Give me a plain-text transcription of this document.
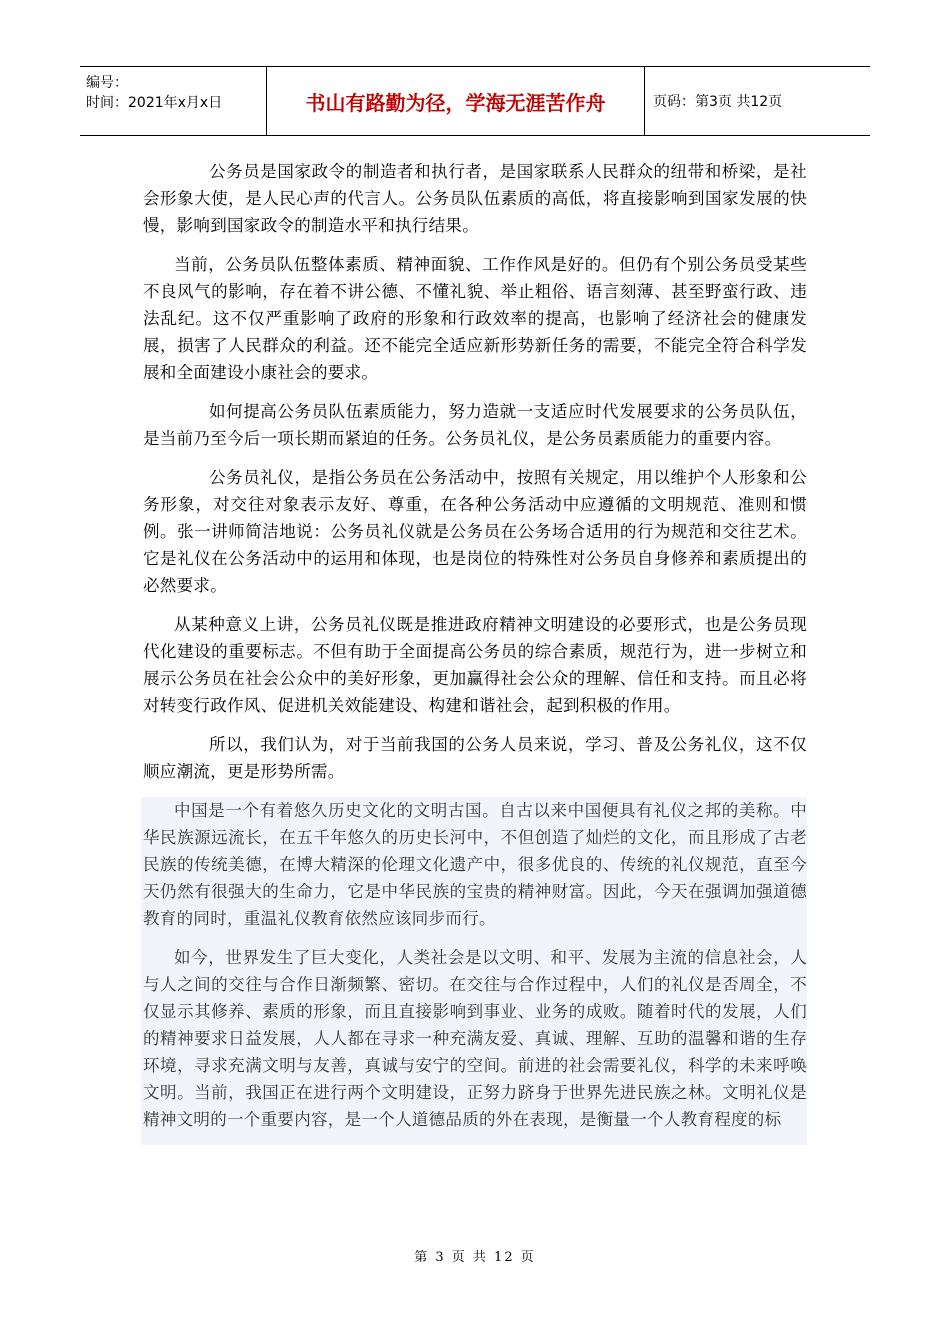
编号：
时间：2021年x月x日	书山有路勤为径，学海无涯苦作舟	页码：第3页 共12页

公务员是国家政令的制造者和执行者，是国家联系人民群众的纽带和桥梁，是社会形象大使，是人民心声的代言人。公务员队伍素质的高低，将直接影响到国家发展的快慢，影响到国家政令的制造水平和执行结果。

当前，公务员队伍整体素质、精神面貌、工作作风是好的。但仍有个别公务员受某些不良风气的影响，存在着不讲公德、不懂礼貌、举止粗俗、语言刻薄、甚至野蛮行政、违法乱纪。这不仅严重影响了政府的形象和行政效率的提高，也影响了经济社会的健康发展，损害了人民群众的利益。还不能完全适应新形势新任务的需要，不能完全符合科学发展和全面建设小康社会的要求。

如何提高公务员队伍素质能力，努力造就一支适应时代发展要求的公务员队伍，是当前乃至今后一项长期而紧迫的任务。公务员礼仪，是公务员素质能力的重要内容。

公务员礼仪，是指公务员在公务活动中，按照有关规定，用以维护个人形象和公务形象，对交往对象表示友好、尊重，在各种公务活动中应遵循的文明规范、准则和惯例。张一讲师简洁地说：公务员礼仪就是公务员在公务场合适用的行为规范和交往艺术。它是礼仪在公务活动中的运用和体现，也是岗位的特殊性对公务员自身修养和素质提出的必然要求。

从某种意义上讲，公务员礼仪既是推进政府精神文明建设的必要形式，也是公务员现代化建设的重要标志。不但有助于全面提高公务员的综合素质，规范行为，进一步树立和展示公务员在社会公众中的美好形象，更加赢得社会公众的理解、信任和支持。而且必将对转变行政作风、促进机关效能建设、构建和谐社会，起到积极的作用。

所以，我们认为，对于当前我国的公务人员来说，学习、普及公务礼仪，这不仅顺应潮流，更是形势所需。

中国是一个有着悠久历史文化的文明古国。自古以来中国便具有礼仪之邦的美称。中华民族源远流长，在五千年悠久的历史长河中，不但创造了灿烂的文化，而且形成了古老民族的传统美德，在博大精深的伦理文化遗产中，很多优良的、传统的礼仪规范，直至今天仍然有很强大的生命力，它是中华民族的宝贵的精神财富。因此，今天在强调加强道德教育的同时，重温礼仪教育依然应该同步而行。

如今，世界发生了巨大变化，人类社会是以文明、和平、发展为主流的信息社会，人与人之间的交往与合作日渐频繁、密切。在交往与合作过程中，人们的礼仪是否周全，不仅显示其修养、素质的形象，而且直接影响到事业、业务的成败。随着时代的发展，人们的精神要求日益发展，人人都在寻求一种充满友爱、真诚、理解、互助的温馨和谐的生存环境，寻求充满文明与友善，真诚与安宁的空间。前进的社会需要礼仪，科学的未来呼唤文明。当前，我国正在进行两个文明建设，正努力跻身于世界先进民族之林。文明礼仪是精神文明的一个重要内容，是一个人道德品质的外在表现，是衡量一个人教育程度的标

第 3 页 共 12 页
